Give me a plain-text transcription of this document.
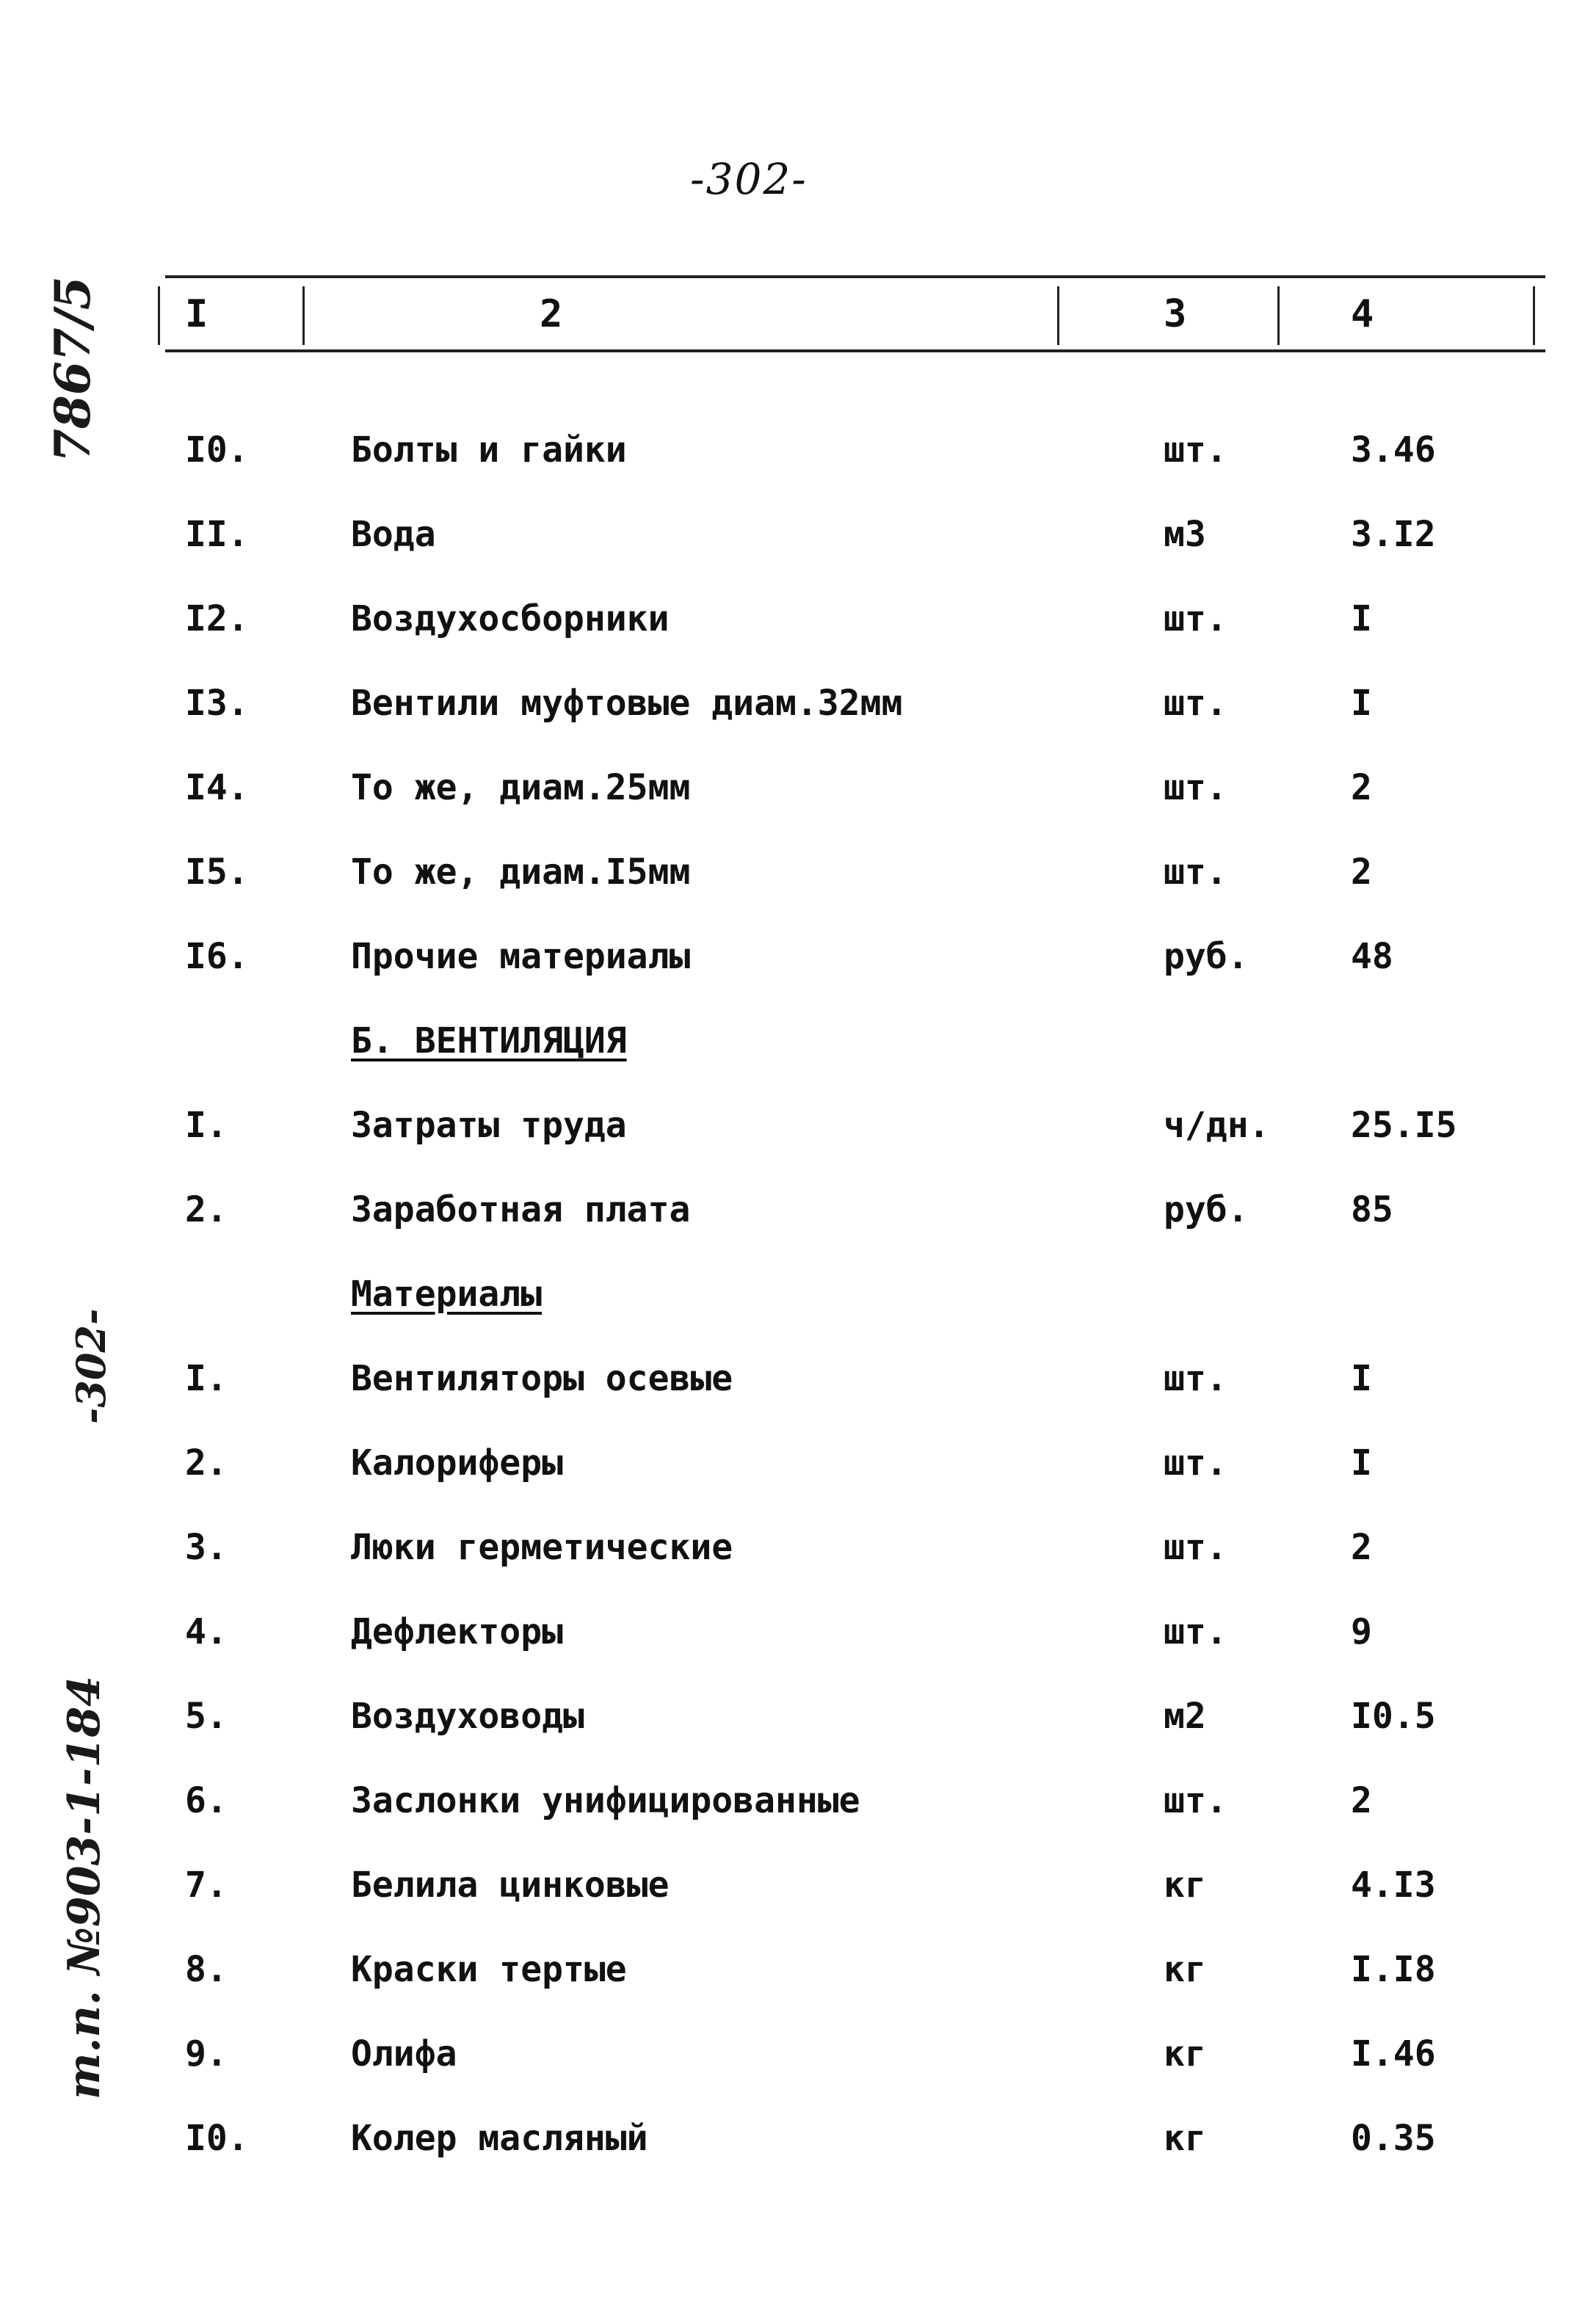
-302-
7867/5
-302-
т.п. №903-1-184
I	2	3	4
I0.	Болты и гайки	шт.	3.46
II.	Вода	м3	3.I2
I2.	Воздухосборники	шт.	I
I3.	Вентили муфтовые диам.32мм	шт.	I
I4.	То же, диам.25мм	шт.	2
I5.	То же, диам.I5мм	шт.	2
I6.	Прочие материалы	руб.	48
Б. ВЕНТИЛЯЦИЯ
I.	Затраты труда	ч/дн. 25.I5
2.	Заработная плата	руб.	85
Материалы
I.	Вентиляторы осевые	шт.	I
2.	Калориферы	шт.	I
3.	Люки герметические	шт.	2
4.	Дефлекторы	шт.	9
5.	Воздуховоды	м2	I0.5
6.	Заслонки унифицированные	шт.	2
7.	Белила цинковые	кг	4.I3
8.	Краски тертые	кг	I.I8
9.	Олифа	кг	I.46
I0.	Колер масляный	кг	0.35
